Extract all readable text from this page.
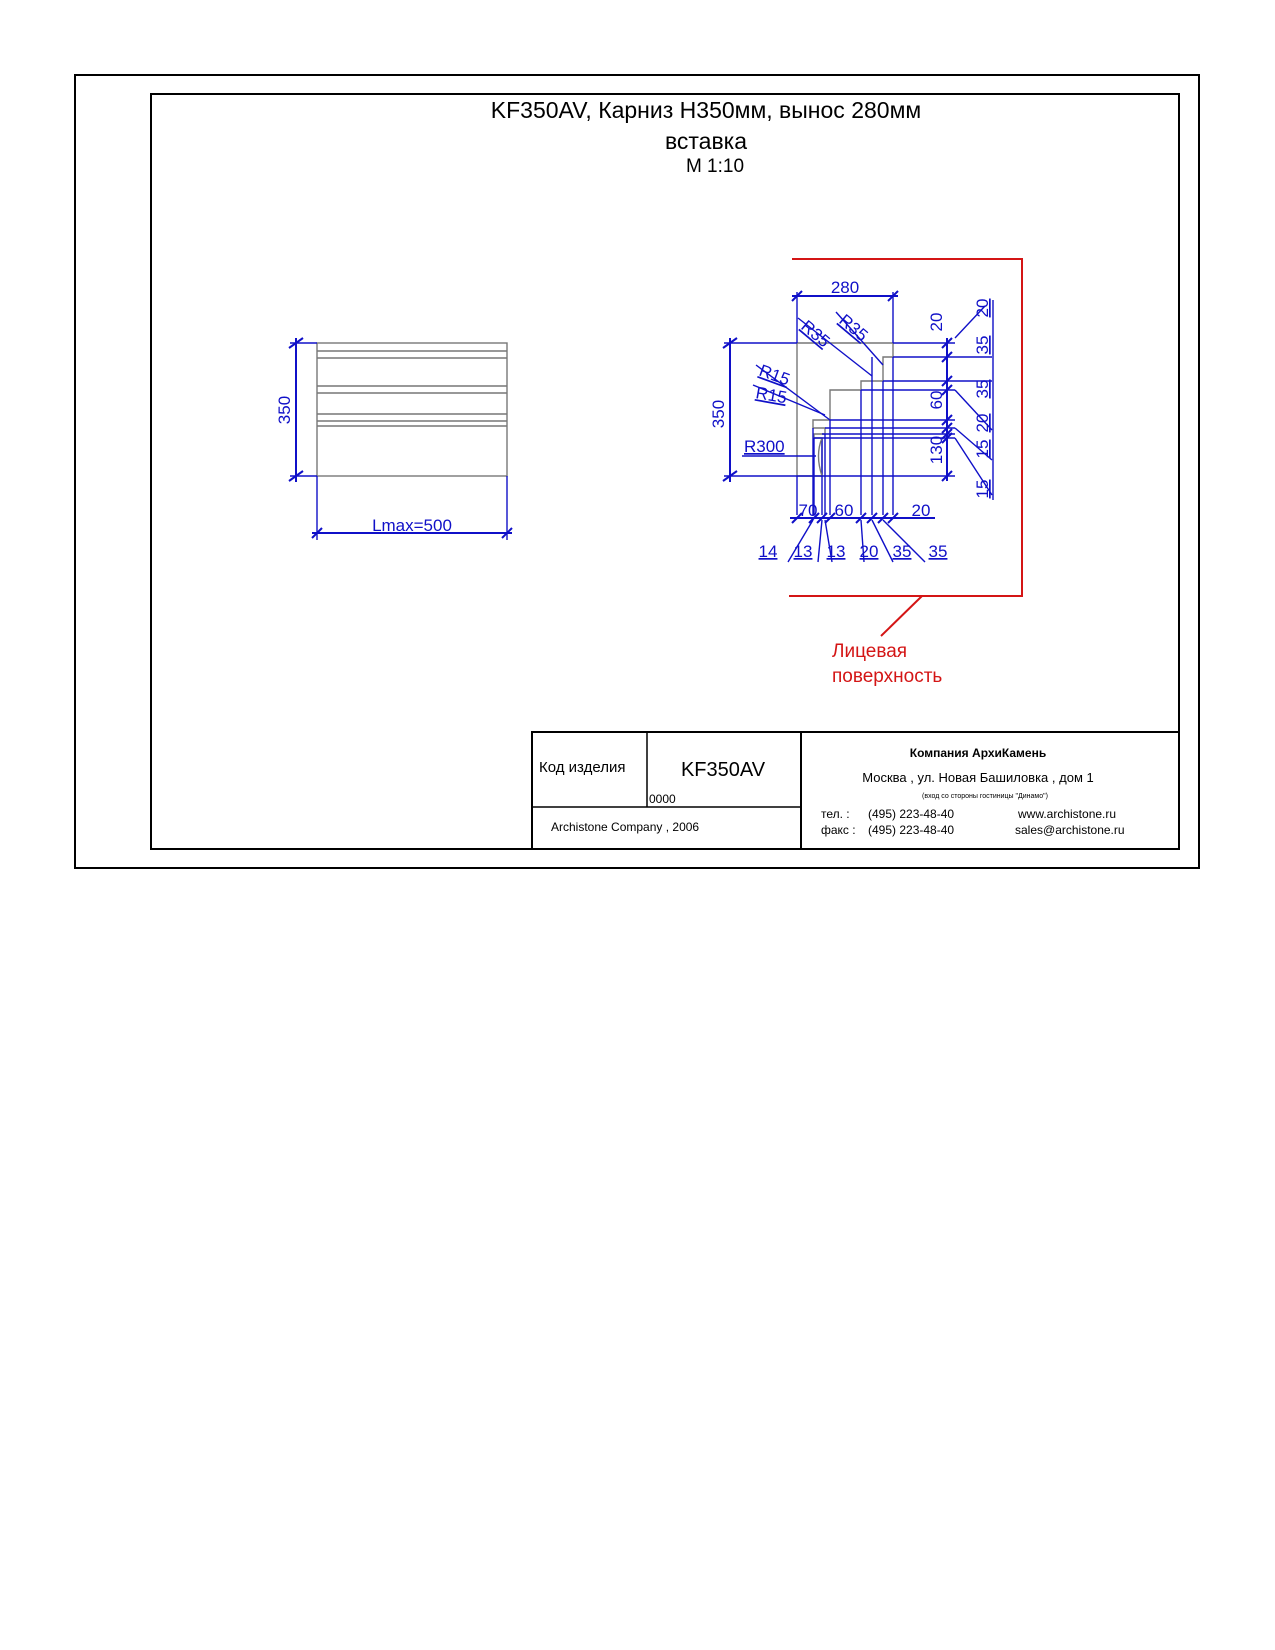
KF350AV, Карниз H350мм, вынос 280мм
вставка
M 1:10
350
Lmax=500
280
350
R35 R35
R15
R15
R300
20
60
130
20
35
35
20
15
15
70 60	20
14 13 13 20 35 35
Лицевая
поверхность
Код изделия	KF350AV
0000
Archistone Company , 2006
Компания АрхиКамень
Москва , ул. Новая Башиловка , дом 1
(вход со стороны гостиницы "Динамо")
тел. : (495) 223-48-40
факс : (495) 223-48-40
www.archistone.ru
sales@archistone.ru
